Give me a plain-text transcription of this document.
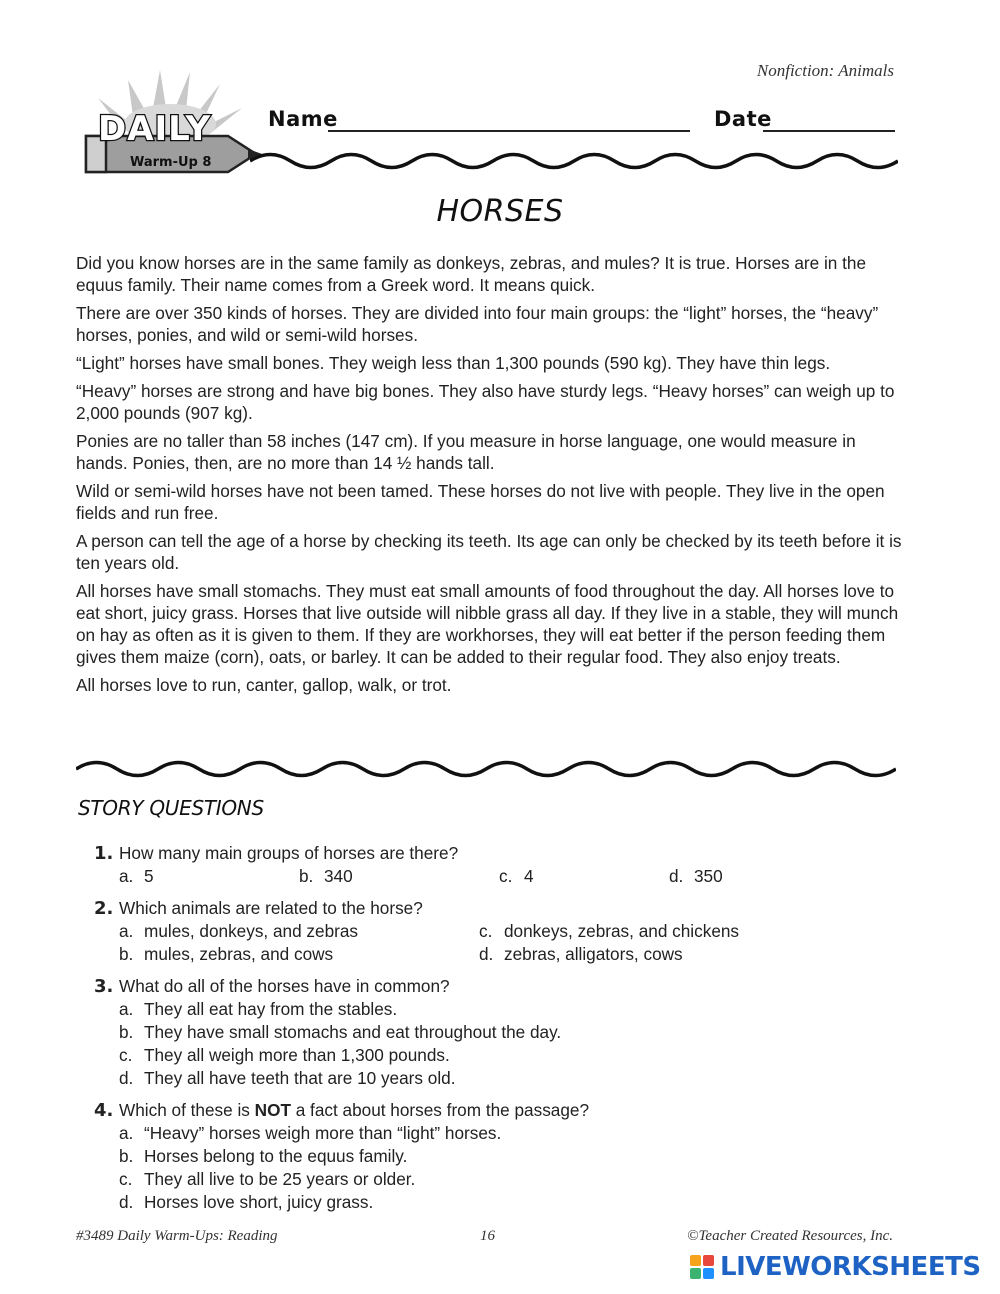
Nonfiction: Animals
DAILY
Warm-Up 8
Name	Date
HORSES

Did you know horses are in the same family as donkeys, zebras, and mules? It is true. Horses are in the equus family. Their name comes from a Greek word. It means quick.

There are over 350 kinds of horses. They are divided into four main groups: the “light” horses, the “heavy” horses, ponies, and wild or semi-wild horses.

“Light” horses have small bones. They weigh less than 1,300 pounds (590 kg). They have thin legs.

“Heavy” horses are strong and have big bones. They also have sturdy legs. “Heavy horses” can weigh up to 2,000 pounds (907 kg).

Ponies are no taller than 58 inches (147 cm). If you measure in horse language, one would measure in hands. Ponies, then, are no more than 14 ½ hands tall.

Wild or semi-wild horses have not been tamed. These horses do not live with people. They live in the open fields and run free.

A person can tell the age of a horse by checking its teeth. Its age can only be checked by its teeth before it is ten years old.

All horses have small stomachs. They must eat small amounts of food throughout the day. All horses love to eat short, juicy grass. Horses that live outside will nibble grass all day. If they live in a stable, they will munch on hay as often as it is given to them. If they are workhorses, they will eat better if the person feeding them gives them maize (corn), oats, or barley. It can be added to their regular food. They also enjoy treats.

All horses love to run, canter, gallop, walk, or trot.

STORY QUESTIONS
1. How many main groups of horses are there?
a. 5	b. 340	c. 4	d. 350
2. Which animals are related to the horse?
a. mules, donkeys, and zebras	c. donkeys, zebras, and chickens
b. mules, zebras, and cows	d. zebras, alligators, cows
3. What do all of the horses have in common?
a. They all eat hay from the stables.
b. They have small stomachs and eat throughout the day.
c. They all weigh more than 1,300 pounds.
d. They all have teeth that are 10 years old.
4. Which of these is NOT a fact about horses from the passage?
a. “Heavy” horses weigh more than “light” horses.
b. Horses belong to the equus family.
c. They all live to be 25 years or older.
d. Horses love short, juicy grass.
#3489 Daily Warm-Ups: Reading	16	©Teacher Created Resources, Inc.
LIVEWORKSHEETS
